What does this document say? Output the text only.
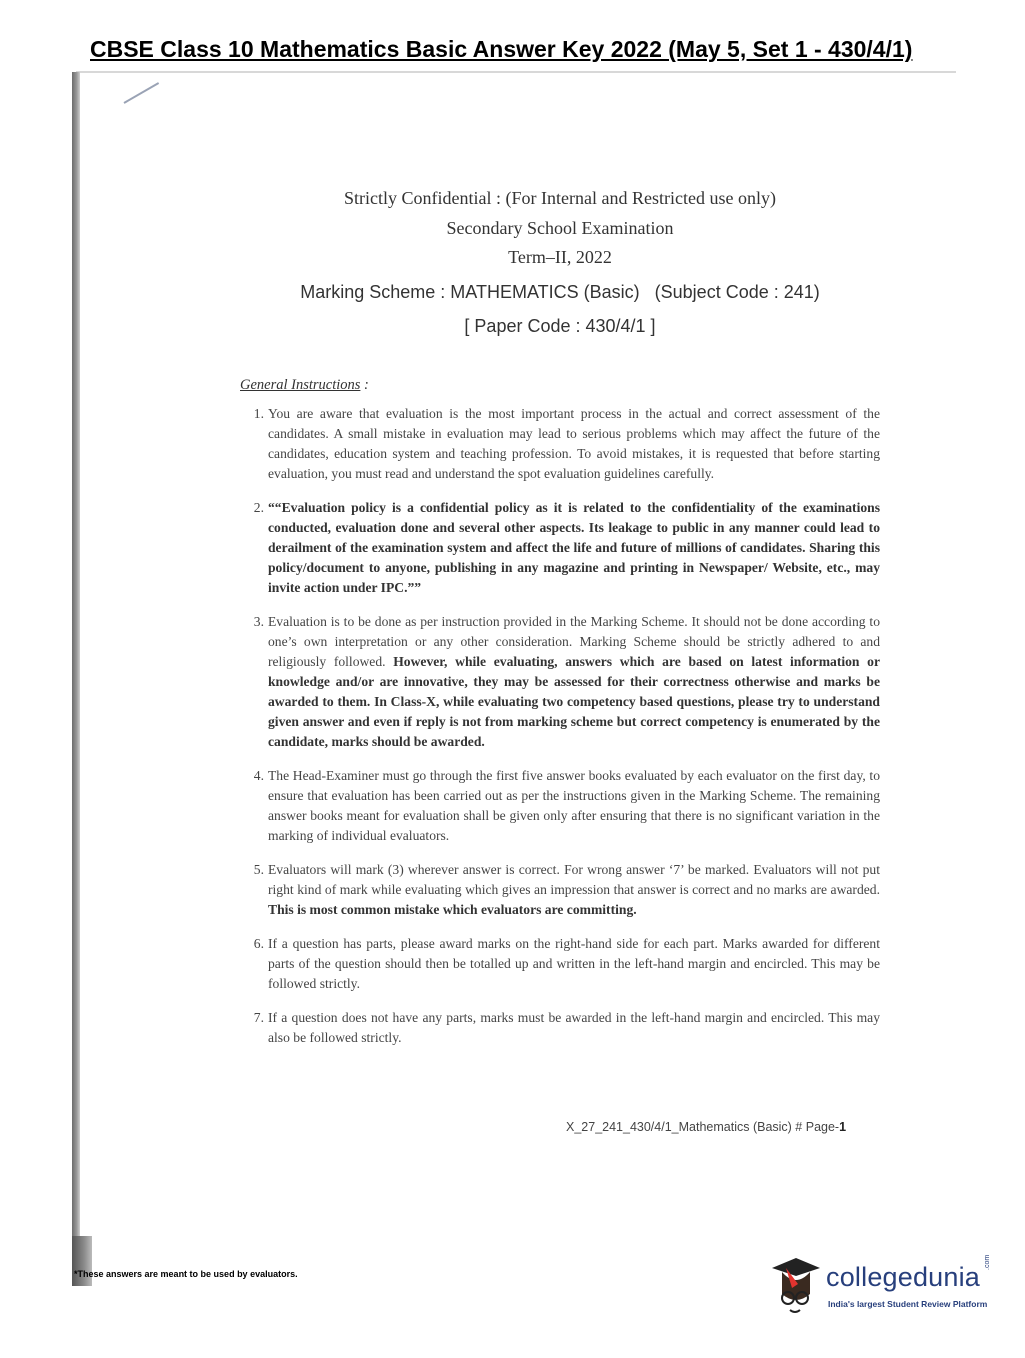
CBSE Class 10 Mathematics Basic Answer Key 2022 (May 5, Set 1 - 430/4/1)

Strictly Confidential : (For Internal and Restricted use only)

Secondary School Examination

Term–II, 2022

Marking Scheme : MATHEMATICS (Basic) (Subject Code : 241)
[ Paper Code : 430/4/1 ]
General Instructions :
1. You are aware that evaluation is the most important process in the actual and correct assessment of the candidates. A small mistake in evaluation may lead to serious problems which may affect the future of the candidates, education system and teaching profession. To avoid mistakes, it is requested that before starting evaluation, you must read and understand the spot evaluation guidelines carefully.
2. ““Evaluation policy is a confidential policy as it is related to the confidentiality of the examinations conducted, evaluation done and several other aspects. Its leakage to public in any manner could lead to derailment of the examination system and affect the life and future of millions of candidates. Sharing this policy/document to anyone, publishing in any magazine and printing in Newspaper/ Website, etc., may invite action under IPC.””
3. Evaluation is to be done as per instruction provided in the Marking Scheme. It should not be done according to one’s own interpretation or any other consideration. Marking Scheme should be strictly adhered to and religiously followed. However, while evaluating, answers which are based on latest information or knowledge and/or are innovative, they may be assessed for their correctness otherwise and marks be awarded to them. In Class-X, while evaluating two competency based questions, please try to understand given answer and even if reply is not from marking scheme but correct competency is enumerated by the candidate, marks should be awarded.
4. The Head-Examiner must go through the first five answer books evaluated by each evaluator on the first day, to ensure that evaluation has been carried out as per the instructions given in the Marking Scheme. The remaining answer books meant for evaluation shall be given only after ensuring that there is no significant variation in the marking of individual evaluators.
5. Evaluators will mark (3) wherever answer is correct. For wrong answer ‘7’ be marked. Evaluators will not put right kind of mark while evaluating which gives an impression that answer is correct and no marks are awarded. This is most common mistake which evaluators are committing.
6. If a question has parts, please award marks on the right-hand side for each part. Marks awarded for different parts of the question should then be totalled up and written in the left-hand margin and encircled. This may be followed strictly.
7. If a question does not have any parts, marks must be awarded in the left-hand margin and encircled. This may also be followed strictly.
X_27_241_430/4/1_Mathematics (Basic) # Page-1
*These answers are meant to be used by evaluators.	collegedunia .com
India's largest Student Review Platform
